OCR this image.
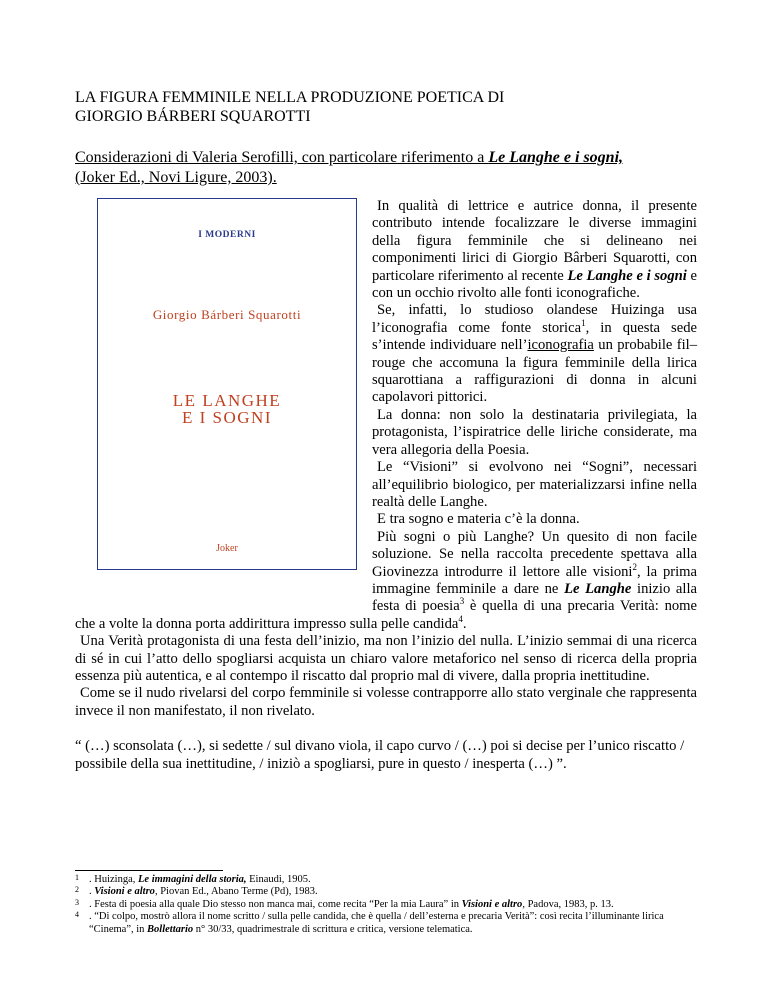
LA FIGURA FEMMINILE NELLA PRODUZIONE POETICA DI
GIORGIO BÁRBERI SQUAROTTI
Considerazioni di Valeria Serofilli, con particolare riferimento a Le Langhe e i sogni,
(Joker Ed., Novi Ligure, 2003).
I MODERNI
Giorgio Bárberi Squarotti
LE LANGHE
E I SOGNI
Joker

In qualità di lettrice e autrice donna, il presente contributo intende focalizzare le diverse immagini della figura femminile che si delineano nei componimenti lirici di Giorgio Bârberi Squarotti, con particolare riferimento al recente Le Langhe e i sogni e con un occhio rivolto alle fonti iconografiche.

Se, infatti, lo studioso olandese Huizinga usa l’iconografia come fonte storica$^1$, in questa sede s’intende individuare nell’iconografia un probabile fil–rouge che accomuna la figura femminile della lirica squarottiana a raffigurazioni di donna in alcuni capolavori pittorici.

La donna: non solo la destinataria privilegiata, la protagonista, l’ispiratrice delle liriche considerate, ma vera allegoria della Poesia.

Le “Visioni” si evolvono nei “Sogni”, necessari all’equilibrio biologico, per materializzarsi infine nella realtà delle Langhe.

E tra sogno e materia c’è la donna.

Più sogni o più Langhe? Un quesito di non facile soluzione. Se nella raccolta precedente spettava alla Giovinezza introdurre il lettore alle visioni$^2$, la prima immagine femminile a dare ne Le Langhe inizio alla festa di poesia$^3$ è quella di una precaria Verità: nome che a volte la donna porta addirittura impresso sulla pelle candida$^4$.

Una Verità protagonista di una festa dell’inizio, ma non l’inizio del nulla. L’inizio semmai di una ricerca di sé in cui l’atto dello spogliarsi acquista un chiaro valore metaforico nel senso di ricerca della propria essenza più autentica, e al contempo il riscatto dal proprio mal di vivere, dalla propria inettitudine.

Come se il nudo rivelarsi del corpo femminile si volesse contrapporre allo stato verginale che rappresenta invece il non manifestato, il non rivelato.

“ (…) sconsolata (…), si sedette / sul divano viola, il capo curvo / (…) poi si decise per l’unico riscatto / possibile della sua inettitudine, / iniziò a spogliarsi, pure in questo / inesperta (…) ”.

1 . Huizinga, Le immagini della storia, Einaudi, 1905.
2 . Visioni e altro, Piovan Ed., Abano Terme (Pd), 1983.
3 . Festa di poesia alla quale Dio stesso non manca mai, come recita “Per la mia Laura” in Visioni e altro, Padova, 1983, p. 13.
4 . “Di colpo, mostrò allora il nome scritto / sulla pelle candida, che è quella / dell’esterna e precaria Verità”: così recita l’illuminante lirica “Cinema”, in Bollettario n° 30/33, quadrimestrale di scrittura e critica, versione telematica.
